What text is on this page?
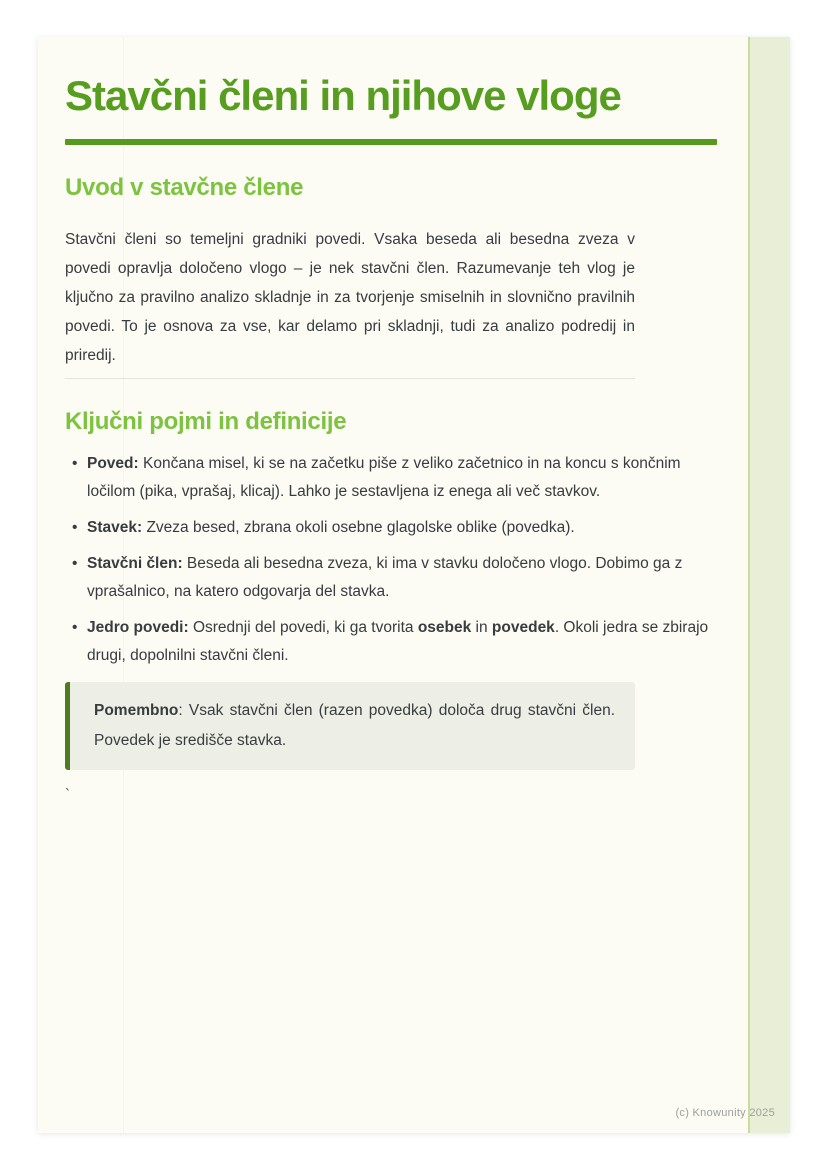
Stavčni členi in njihove vloge
Uvod v stavčne člene

Stavčni členi so temeljni gradniki povedi. Vsaka beseda ali besedna zveza v povedi opravlja določeno vlogo – je nek stavčni člen. Razumevanje teh vlog je ključno za pravilno analizo skladnje in za tvorjenje smiselnih in slovnično pravilnih povedi. To je osnova za vse, kar delamo pri skladnji, tudi za analizo podredij in priredij.

Ključni pojmi in definicije
• Poved: Končana misel, ki se na začetku piše z veliko začetnico in na koncu s končnim ločilom (pika, vprašaj, klicaj). Lahko je sestavljena iz enega ali več stavkov.
• Stavek: Zveza besed, zbrana okoli osebne glagolske oblike (povedka).
• Stavčni člen: Beseda ali besedna zveza, ki ima v stavku določeno vlogo. Dobimo ga z vprašalnico, na katero odgovarja del stavka.
• Jedro povedi: Osrednji del povedi, ki ga tvorita osebek in povedek. Okoli jedra se zbirajo drugi, dopolnilni stavčni členi.
Pomembno: Vsak stavčni člen (razen povedka) določa drug stavčni člen. Povedek je središče stavka.
`
(c) Knowunity 2025
